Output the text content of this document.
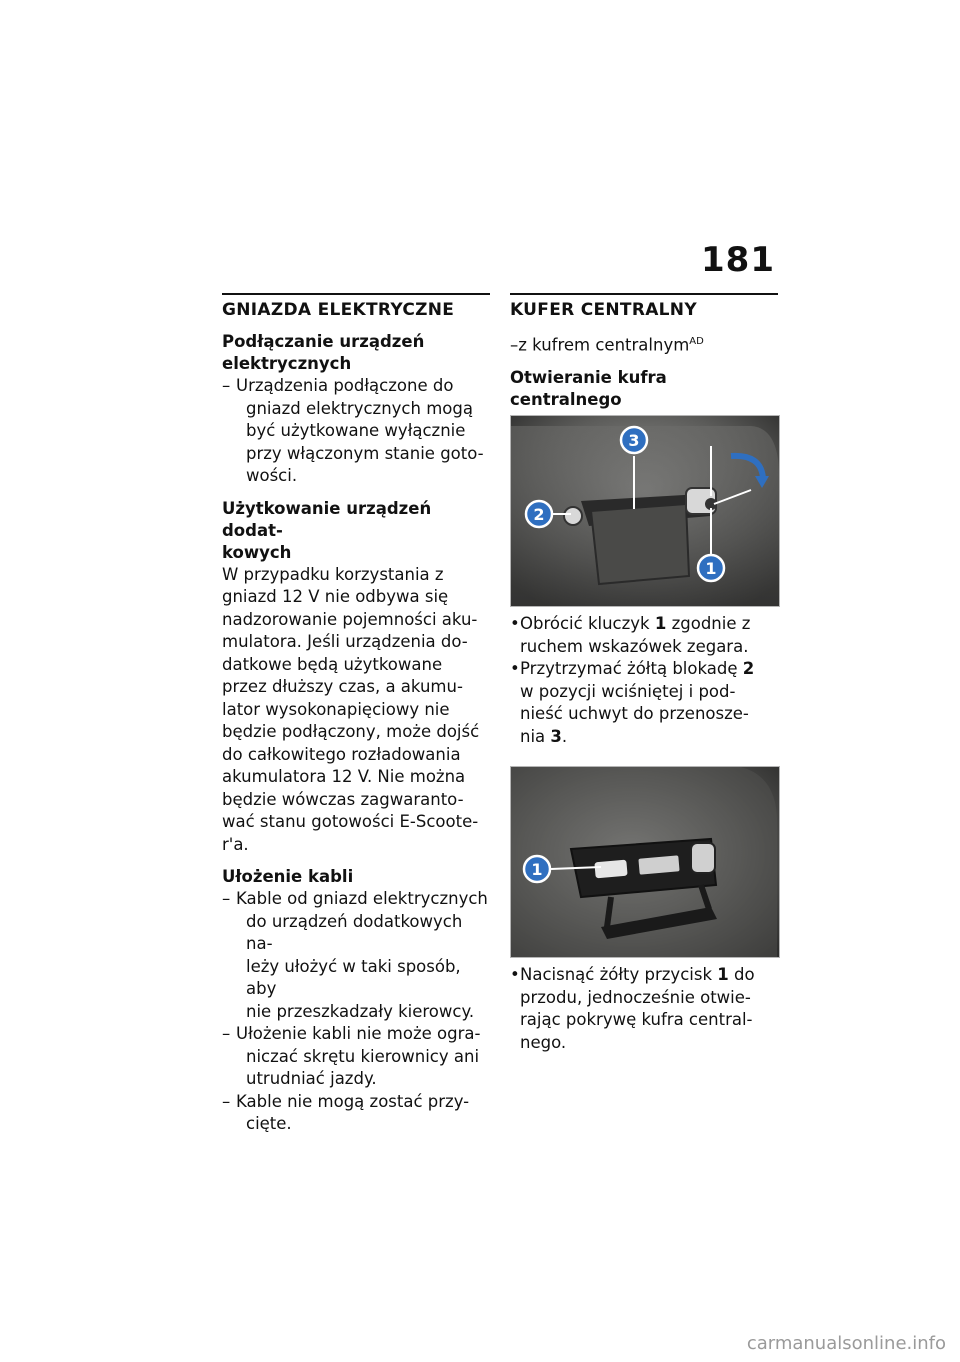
181
GNIAZDA ELEKTRYCZNE
Podłączanie urządzeń
elektrycznych
– Urządzenia podłączone do
gniazd elektrycznych mogą
być użytkowane wyłącznie
przy włączonym stanie goto-
wości.
Użytkowanie urządzeń dodat-
kowych
W przypadku korzystania z
gniazd 12 V nie odbywa się
nadzorowanie pojemności aku-
mulatora. Jeśli urządzenia do-
datkowe będą użytkowane
przez dłuższy czas, a akumu-
lator wysokonapięciowy nie
będzie podłączony, może dojść
do całkowitego rozładowania
akumulatora 12 V. Nie można
będzie wówczas zagwaranto-
wać stanu gotowości E-Scoote-
r'a.
Ułożenie kabli
– Kable od gniazd elektrycznych
do urządzeń dodatkowych na-
leży ułożyć w taki sposób, aby
nie przeszkadzały kierowcy.
– Ułożenie kabli nie może ogra-
niczać skrętu kierownicy ani
utrudniać jazdy.
– Kable nie mogą zostać przy-
cięte.
KUFER CENTRALNY
–z kufrem centralnym$^{AD}$
Otwieranie kufra centralnego
3
2
1
• Obrócić kluczyk 1 zgodnie z
ruchem wskazówek zegara.
• Przytrzymać żółtą blokadę 2
w pozycji wciśniętej i pod-
nieść uchwyt do przenosze-
nia 3.
1
• Nacisnąć żółty przycisk 1 do
przodu, jednocześnie otwie-
rając pokrywę kufra central-
nego.
carmanualsonline.info
